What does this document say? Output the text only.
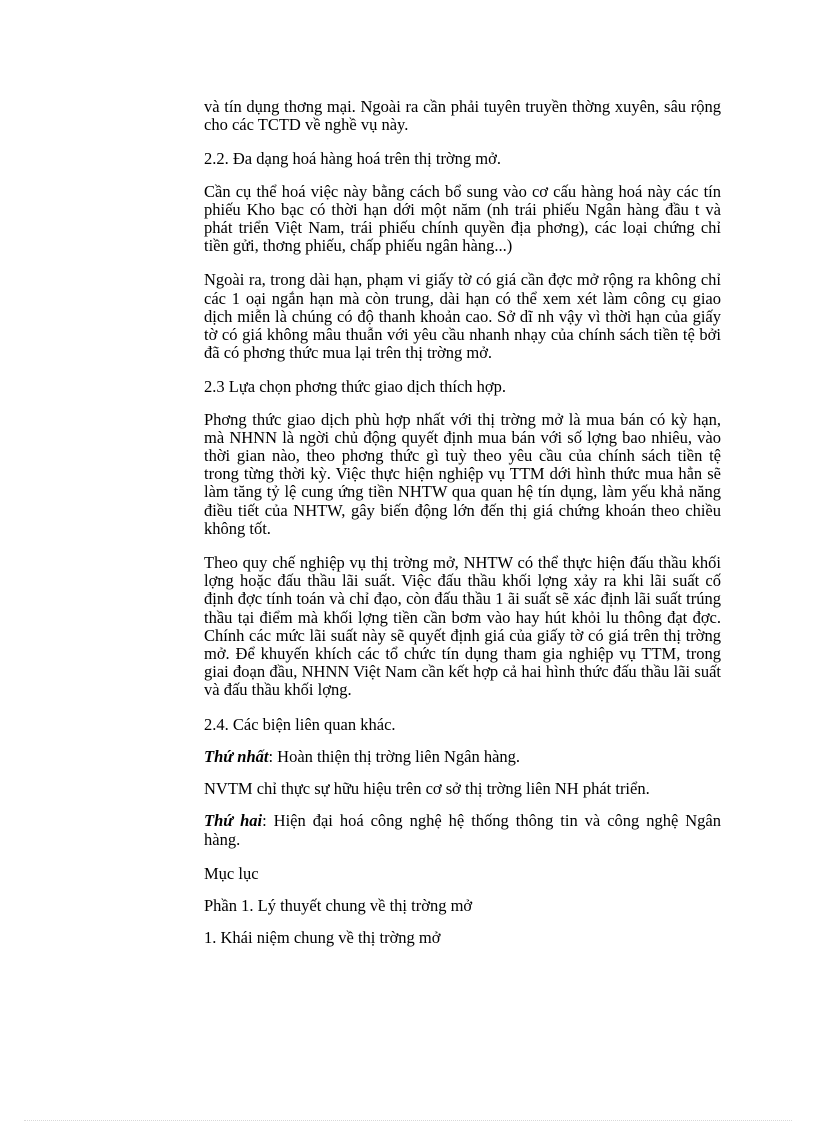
và tín dụng thơng mại. Ngoài ra cần phải tuyên truyền thờng xuyên, sâu rộng cho các TCTD về nghề vụ này.

2.2. Đa dạng hoá hàng hoá trên thị trờng mở.

Cần cụ thể hoá việc này bằng cách bổ sung vào cơ cấu hàng hoá này các tín phiếu Kho bạc có thời hạn dới một năm (nh trái phiếu Ngân hàng đầu t và phát triển Việt Nam, trái phiếu chính quyền địa phơng), các loại chứng chỉ tiền gửi, thơng phiếu, chấp phiếu ngân hàng...)

Ngoài ra, trong dài hạn, phạm vi giấy tờ có giá cần đợc mở rộng ra không chỉ các 1 oại ngắn hạn mà còn trung, dài hạn có thể xem xét làm công cụ giao dịch miễn là chúng có độ thanh khoản cao. Sở dĩ nh vậy vì thời hạn của giấy tờ có giá không mâu thuẫn với yêu cầu nhanh nhạy của chính sách tiền tệ bởi đã có phơng thức mua lại trên thị trờng mở.

2.3 Lựa chọn phơng thức giao dịch thích hợp.

Phơng thức giao dịch phù hợp nhất với thị trờng mở là mua bán có kỳ hạn, mà NHNN là ngời chủ động quyết định mua bán với số lợng bao nhiêu, vào thời gian nào, theo phơng thức gì tuỳ theo yêu cầu của chính sách tiền tệ trong từng thời kỳ. Việc thực hiện nghiệp vụ TTM dới hình thức mua hẳn sẽ làm tăng tỷ lệ cung ứng tiền NHTW qua quan hệ tín dụng, làm yếu khả năng điều tiết của NHTW, gây biến động lớn đến thị giá chứng khoán theo chiều không tốt.

Theo quy chế nghiệp vụ thị trờng mở, NHTW có thể thực hiện đấu thầu khối lợng hoặc đấu thầu lãi suất. Việc đấu thầu khối lợng xảy ra khi lãi suất cố định đợc tính toán và chỉ đạo, còn đấu thầu 1 ãi suất sẽ xác định lãi suất trúng thầu tại điểm mà khối lợng tiền cần bơm vào hay hút khỏi lu thông đạt đợc. Chính các mức lãi suất này sẽ quyết định giá của giấy tờ có giá trên thị trờng mở. Để khuyến khích các tổ chức tín dụng tham gia nghiệp vụ TTM, trong giai đoạn đầu, NHNN Việt Nam cần kết hợp cả hai hình thức đấu thầu lãi suất và đấu thầu khối lợng.

2.4. Các biện liên quan khác.

Thứ nhất: Hoàn thiện thị trờng liên Ngân hàng.

NVTM chỉ thực sự hữu hiệu trên cơ sở thị trờng liên NH phát triển.

Thứ hai: Hiện đại hoá công nghệ hệ thống thông tin và công nghệ Ngân hàng.

Mục lục

Phần 1. Lý thuyết chung về thị trờng mở

1. Khái niệm chung về thị trờng mở
